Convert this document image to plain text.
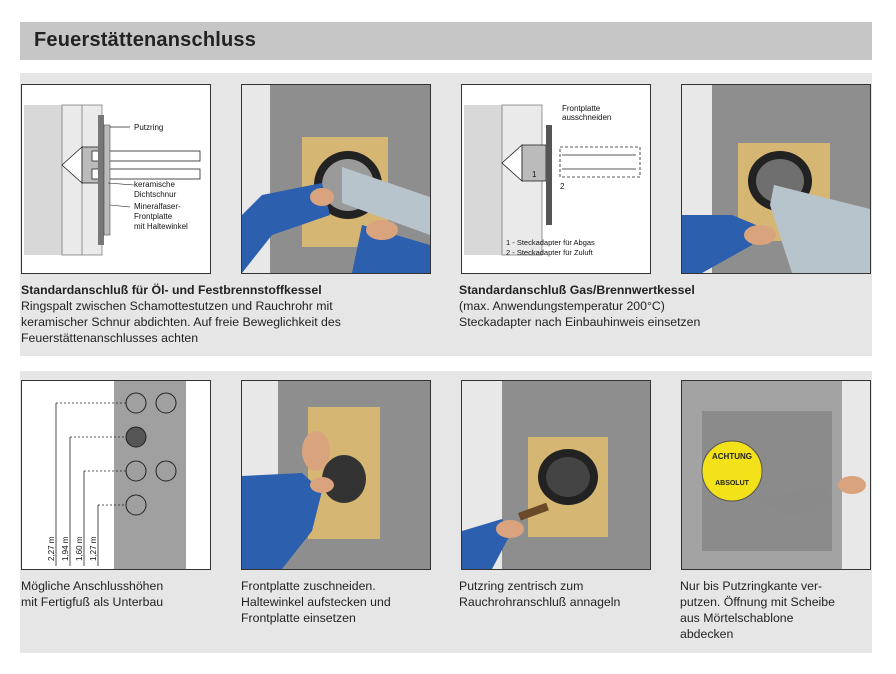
Feuerstättenanschluss
Putzring
keramische
Dichtschnur
Mineralfaser-
Frontplatte
mit Haltewinkel
Frontplatte
ausschneiden
1
2
1 - Steckadapter für Abgas
2 - Steckadapter für Zuluft

Standardanschluß für Öl- und Festbrennstoffkessel
Ringspalt zwischen Schamottestutzen und Rauchrohr mit
keramischer Schnur abdichten. Auf freie Beweglichkeit des
Feuerstättenanschlusses achten

Standardanschluß Gas/Brennwertkessel
(max. Anwendungstemperatur 200°C)
Steckadapter nach Einbauhinweis einsetzen

2,27 m 1,94 m 1,60 m 1,27 m
ACHTUNG
ABSOLUT

Mögliche Anschlusshöhen
mit Fertigfuß als Unterbau

Frontplatte zuschneiden.
Haltewinkel aufstecken und
Frontplatte einsetzen

Putzring zentrisch zum
Rauchrohranschluß annageln

Nur bis Putzringkante ver-
putzen. Öffnung mit Scheibe
aus Mörtelschablone
abdecken
